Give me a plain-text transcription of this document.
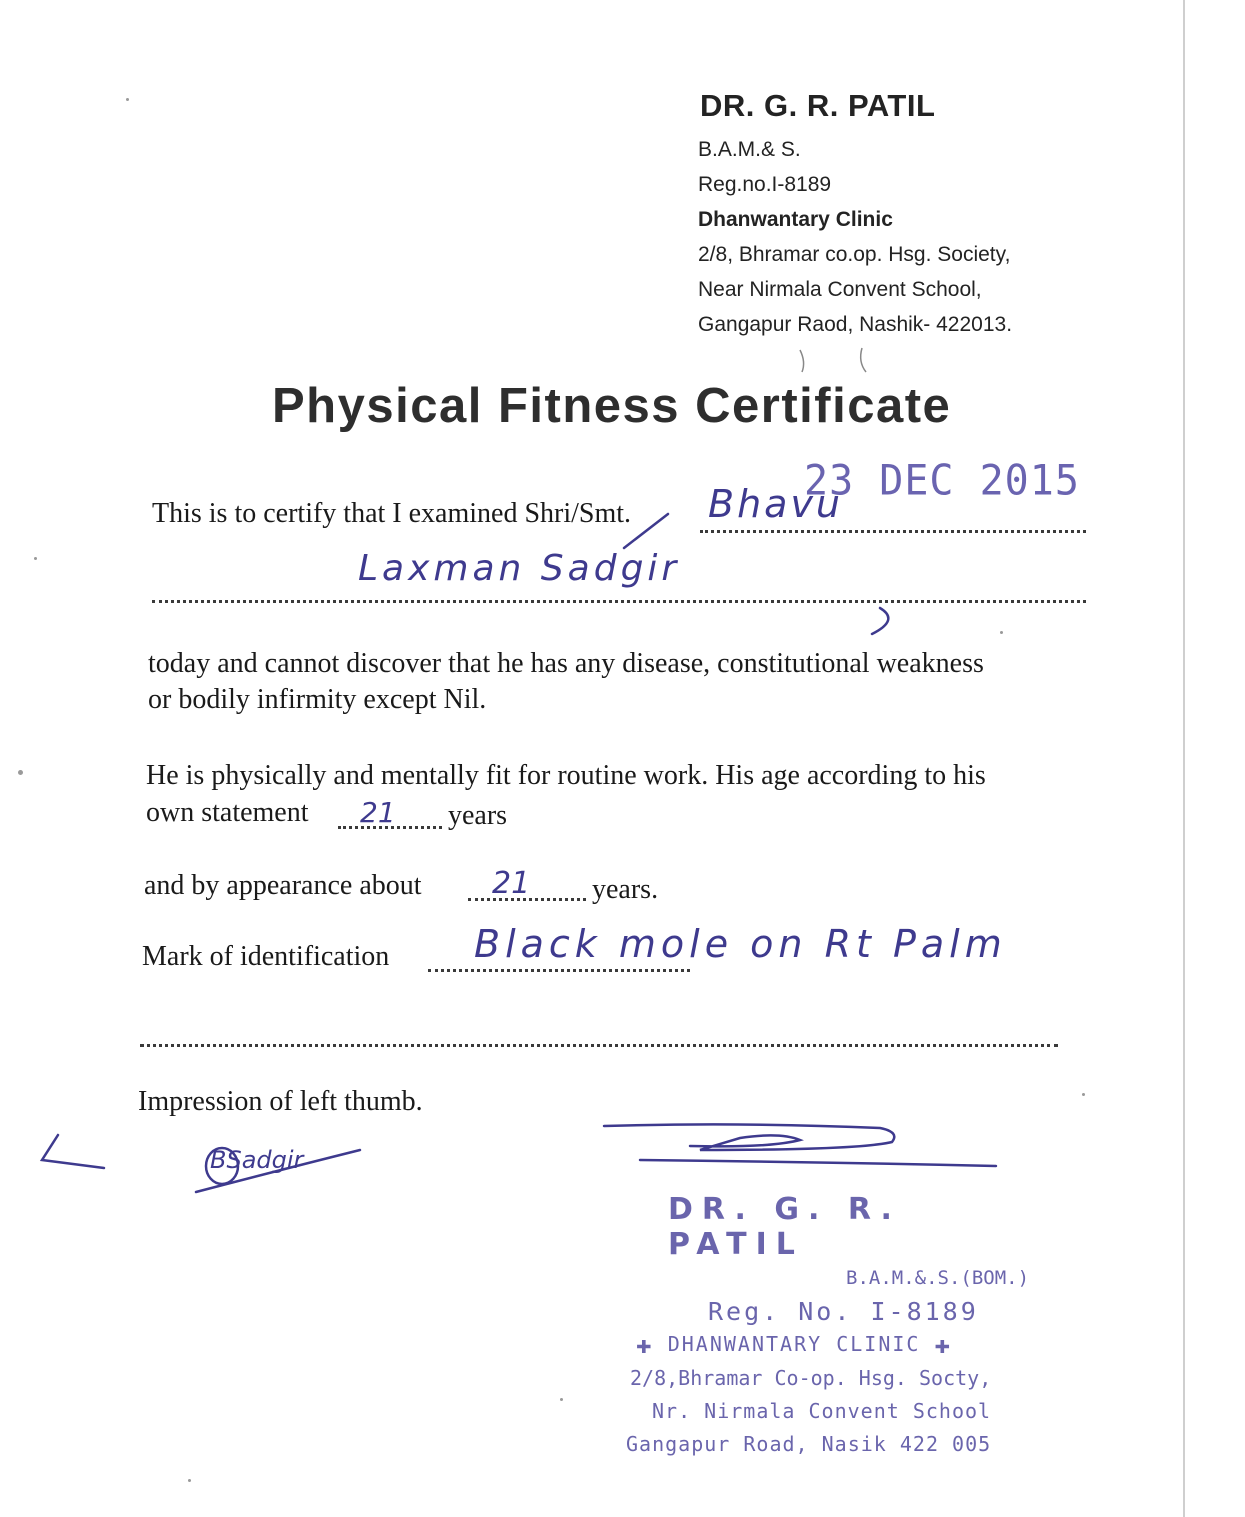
DR. G. R. PATIL
B.A.M.& S.
Reg.no.I-8189
Dhanwantary Clinic
2/8, Bhramar co.op. Hsg. Society,
Near Nirmala Convent School,
Gangapur Raod, Nashik- 422013.
Physical Fitness Certificate
23 DEC 2015
This is to certify that I examined Shri/Smt. Bhavu
Laxman Sadgir
today and cannot discover that he has any disease, constitutional weakness
or bodily infirmity except Nil.
He is physically and mentally fit for routine work. His age according to his
own statement 21 years
and by appearance about 21 years.
Mark of identification Black mole on Rt Palm
Impression of left thumb.
BSadgir
DR. G. R. PATIL
B.A.M.&.S.(BOM.)
Reg. No. I-8189
✚ DHANWANTARY CLINIC ✚
2/8,Bhramar Co-op. Hsg. Socty,
Nr. Nirmala Convent School
Gangapur Road, Nasik 422 005
